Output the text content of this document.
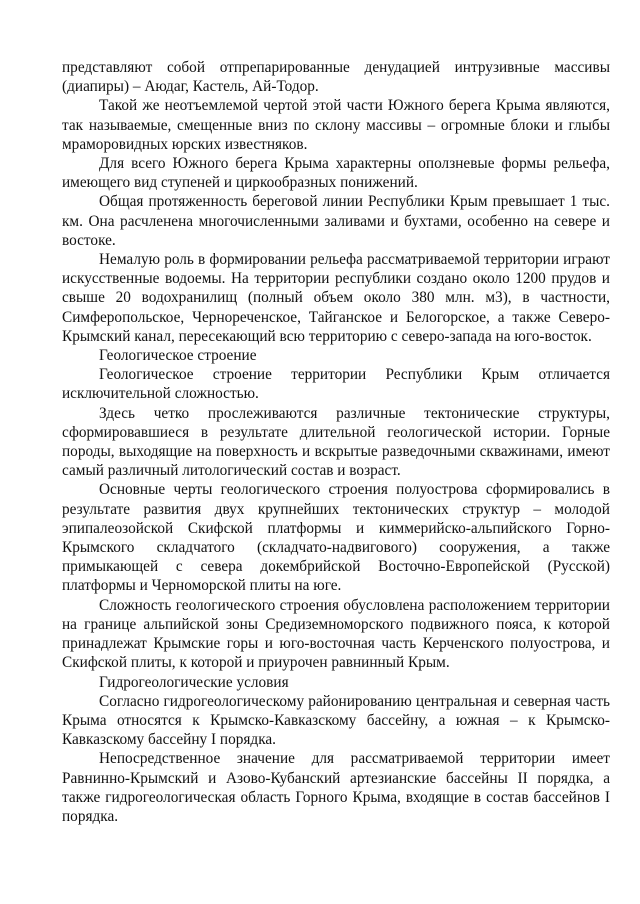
представляют собой отпрепарированные денудацией интрузивные массивы (диапиры) – Аюдаг, Кастель, Ай-Тодор.

Такой же неотъемлемой чертой этой части Южного берега Крыма являются, так называемые, смещенные вниз по склону массивы – огромные блоки и глыбы мраморовидных юрских известняков.

Для всего Южного берега Крыма характерны оползневые формы рельефа, имеющего вид ступеней и циркообразных понижений.

Общая протяженность береговой линии Республики Крым превышает 1 тыс. км. Она расчленена многочисленными заливами и бухтами, особенно на севере и востоке.

Немалую роль в формировании рельефа рассматриваемой территории играют искусственные водоемы. На территории республики создано около 1200 прудов и свыше 20 водохранилищ (полный объем около 380 млн. м3), в частности, Симферопольское, Чернореченское, Тайганское и Белогорское, а также Северо-Крымский канал, пересекающий всю территорию с северо-запада на юго-восток.

Геологическое строение

Геологическое строение территории Республики Крым отличается исключительной сложностью.

Здесь четко прослеживаются различные тектонические структуры, сформировавшиеся в результате длительной геологической истории. Горные породы, выходящие на поверхность и вскрытые разведочными скважинами, имеют самый различный литологический состав и возраст.

Основные черты геологического строения полуострова сформировались в результате развития двух крупнейших тектонических структур – молодой эпипалеозойской Скифской платформы и киммерийско-альпийского Горно-Крымского складчатого (складчато-надвигового) сооружения, а также примыкающей с севера докембрийской Восточно-Европейской (Русской) платформы и Черноморской плиты на юге.

Сложность геологического строения обусловлена расположением территории на границе альпийской зоны Средиземноморского подвижного пояса, к которой принадлежат Крымские горы и юго-восточная часть Керченского полуострова, и Скифской плиты, к которой и приурочен равнинный Крым.

Гидрогеологические условия

Согласно гидрогеологическому районированию центральная и северная часть Крыма относятся к Крымско-Кавказскому бассейну, а южная – к Крымско-Кавказскому бассейну I порядка.

Непосредственное значение для рассматриваемой территории имеет Равнинно-Крымский и Азово-Кубанский артезианские бассейны II порядка, а также гидрогеологическая область Горного Крыма, входящие в состав бассейнов I порядка.
